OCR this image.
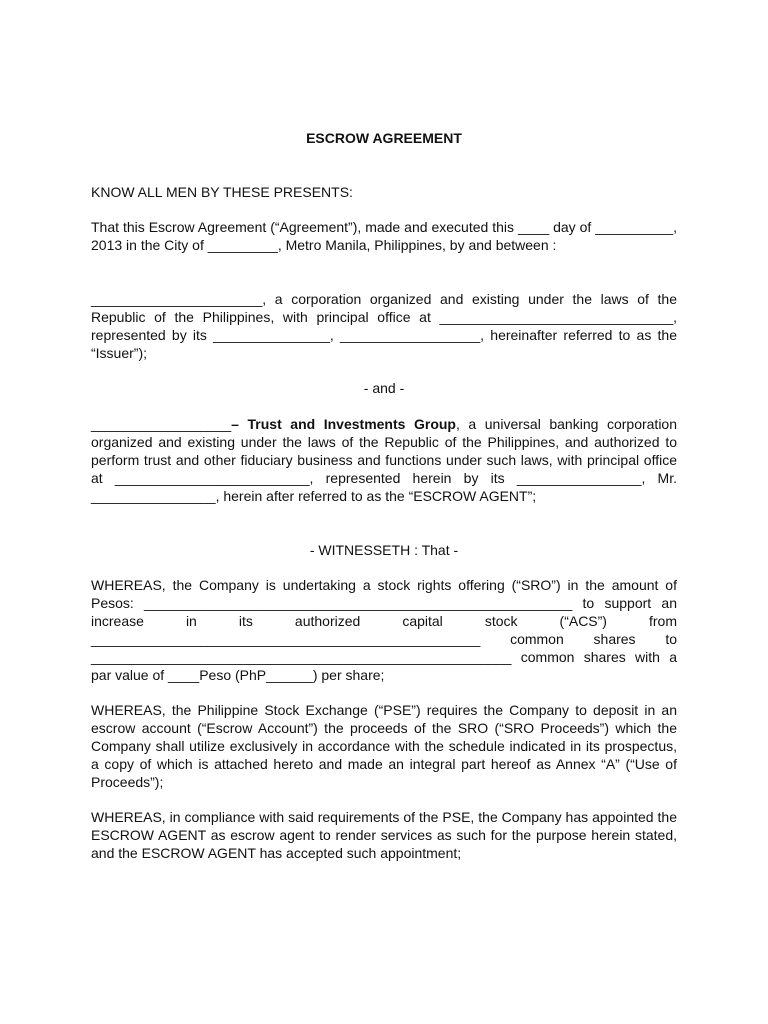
ESCROW AGREEMENT
KNOW ALL MEN BY THESE PRESENTS:
That this Escrow Agreement (“Agreement”), made and executed this ____ day of __________, 2013 in the City of _________, Metro Manila, Philippines, by and between :
______________________, a corporation organized and existing under the laws of the Republic of the Philippines, with principal office at ______________________________, represented by its _______________, __________________, hereinafter referred to as the “Issuer”);
- and -
__________________– Trust and Investments Group, a universal banking corporation organized and existing under the laws of the Republic of the Philippines, and authorized to perform trust and other fiduciary business and functions under such laws, with principal office at _________________________, represented herein by its ________________, Mr. ________________, herein after referred to as the “ESCROW AGENT”;
- WITNESSETH : That -
WHEREAS, the Company is undertaking a stock rights offering (“SRO”) in the amount of Pesos: _______________________________________________________ to support an increase in its authorized capital stock (“ACS”) from __________________________________________________ common shares to ______________________________________________________ common shares with a par value of ____Peso (PhP______) per share;
WHEREAS, the Philippine Stock Exchange (“PSE”) requires the Company to deposit in an escrow account (“Escrow Account”) the proceeds of the SRO (“SRO Proceeds”) which the Company shall utilize exclusively in accordance with the schedule indicated in its prospectus, a copy of which is attached hereto and made an integral part hereof as Annex “A” (“Use of Proceeds”);
WHEREAS, in compliance with said requirements of the PSE, the Company has appointed the ESCROW AGENT as escrow agent to render services as such for the purpose herein stated, and the ESCROW AGENT has accepted such appointment;
